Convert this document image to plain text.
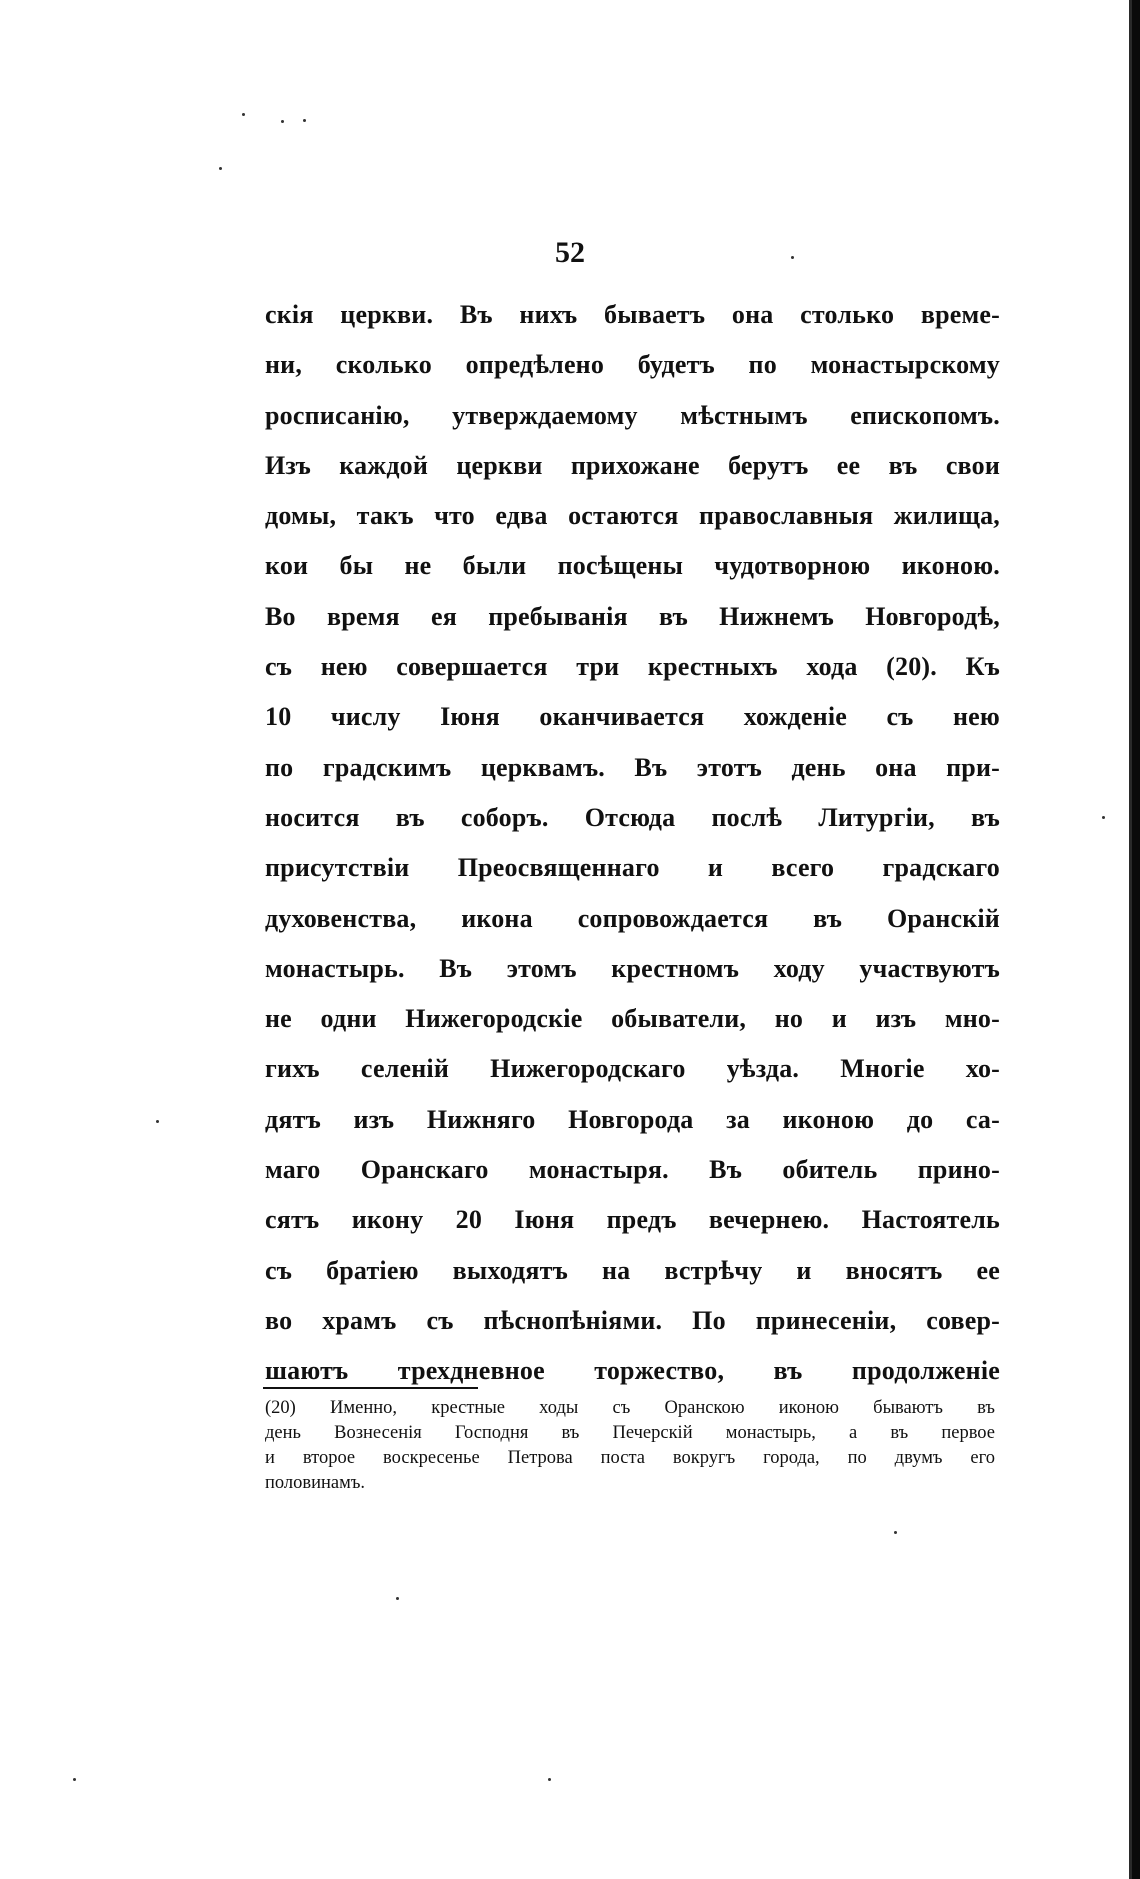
52
скія церкви. Въ нихъ бываетъ она столько време-
ни, сколько опредѣлено будетъ по монастырскому
росписанію, утверждаемому мѣстнымъ епископомъ.
Изъ каждой церкви прихожане берутъ ее въ свои
домы, такъ что едва остаются православныя жилища,
кои бы не были посѣщены чудотворною иконою.
Во время ея пребыванія въ Нижнемъ Новгородѣ,
съ нею совершается три крестныхъ хода (20). Къ
10 числу Іюня оканчивается хожденіе съ нею
по градскимъ церквамъ. Въ этотъ день она при-
носится въ соборъ. Отсюда послѣ Литургіи, въ
присутствіи Преосвященнаго и всего градскаго
духовенства, икона сопровождается въ Оранскій
монастырь. Въ этомъ крестномъ ходу участвуютъ
не одни Нижегородскіе обыватели, но и изъ мно-
гихъ селеній Нижегородскаго уѣзда. Многіе хо-
дятъ изъ Нижняго Новгорода за иконою до са-
маго Оранскаго монастыря. Въ обитель прино-
сятъ икону 20 Іюня предъ вечернею. Настоятель
съ братіею выходятъ на встрѣчу и вносятъ ее
во храмъ съ пѣснопѣніями. По принесеніи, совер-
шаютъ трехдневное торжество, въ продолженіе
(20) Именно, крестные ходы съ Оранскою иконою бываютъ въ
день Вознесенія Господня въ Печерскій монастырь, а въ первое
и второе воскресенье Петрова поста вокругъ города, по двумъ его
половинамъ.
